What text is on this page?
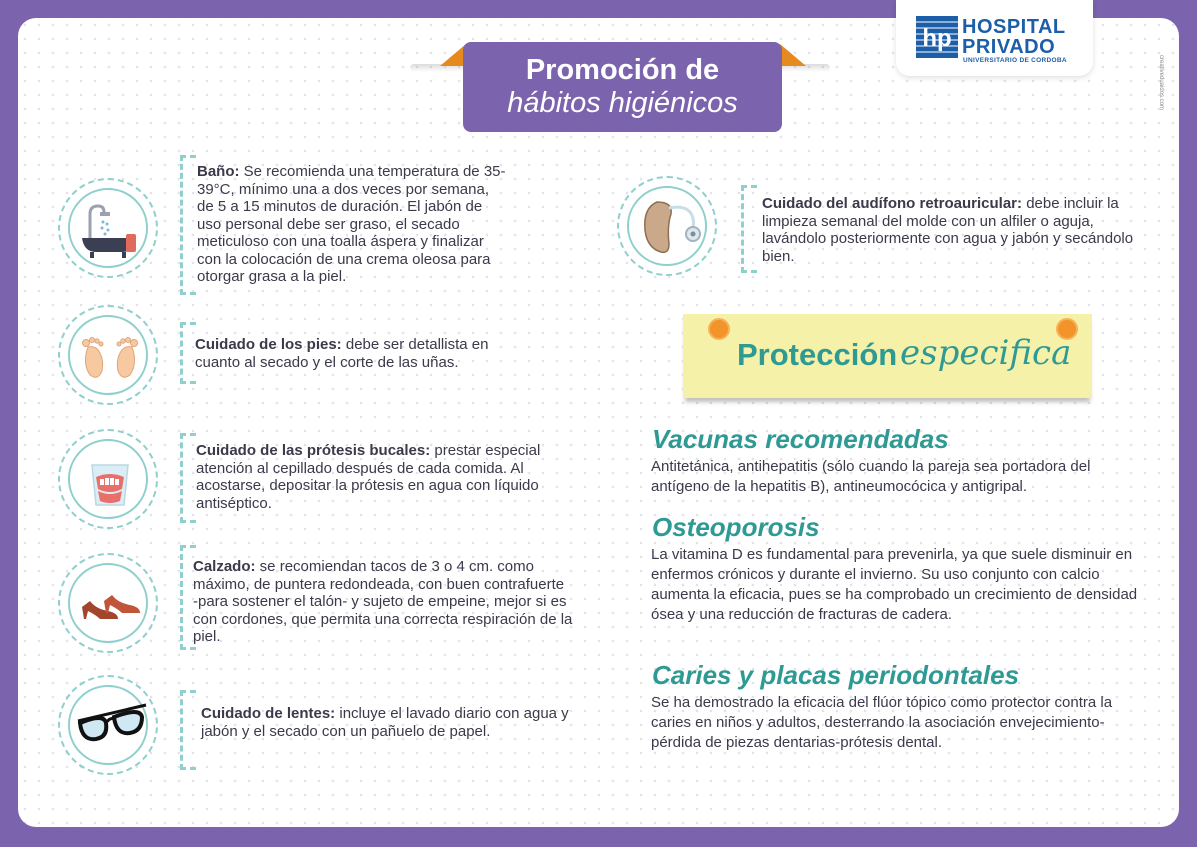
hp HOSPITAL
PRIVADO
UNIVERSITARIO DE CORDOBA	creativeduaidos.com
Promoción de
hábitos higiénicos
Baño: Se recomienda una temperatura de 35-39°C, mínimo una a dos veces por semana, de 5 a 15 minutos de duración. El jabón de uso personal debe ser graso, el secado meticuloso con una toalla áspera y finalizar con la colocación de una crema oleosa para otorgar grasa a la piel.
Cuidado de los pies: debe ser detallista en cuanto al secado y el corte de las uñas.
Cuidado de las prótesis bucales: prestar especial atención al cepillado después de cada comida. Al acostarse, depositar la prótesis en agua con líquido antiséptico.
Calzado: se recomiendan tacos de 3 o 4 cm. como máximo, de puntera redondeada, con buen contrafuerte -para sostener el talón- y sujeto de empeine, mejor si es con cordones, que permita una correcta respiración de la piel.
Cuidado de lentes: incluye el lavado diario con agua y jabón y el secado con un pañuelo de papel.
Cuidado del audífono retroauricular: debe incluir la limpieza semanal del molde con un alfiler o aguja, lavándolo posteriormente con agua y jabón y secándolo bien.
Protección especifica
Vacunas recomendadas
Antitetánica, antihepatitis (sólo cuando la pareja sea portadora del antígeno de la hepatitis B), antineumocócica y antigripal.
Osteoporosis
La vitamina D es fundamental para prevenirla, ya que suele disminuir en enfermos crónicos y durante el invierno. Su uso conjunto con calcio aumenta la eficacia, pues se ha comprobado un crecimiento de densidad ósea y una reducción de fracturas de cadera.
Caries y placas periodontales
Se ha demostrado la eficacia del flúor tópico como protector contra la caries en niños y adultos, desterrando la asociación envejecimiento-pérdida de piezas dentarias-prótesis dental.
